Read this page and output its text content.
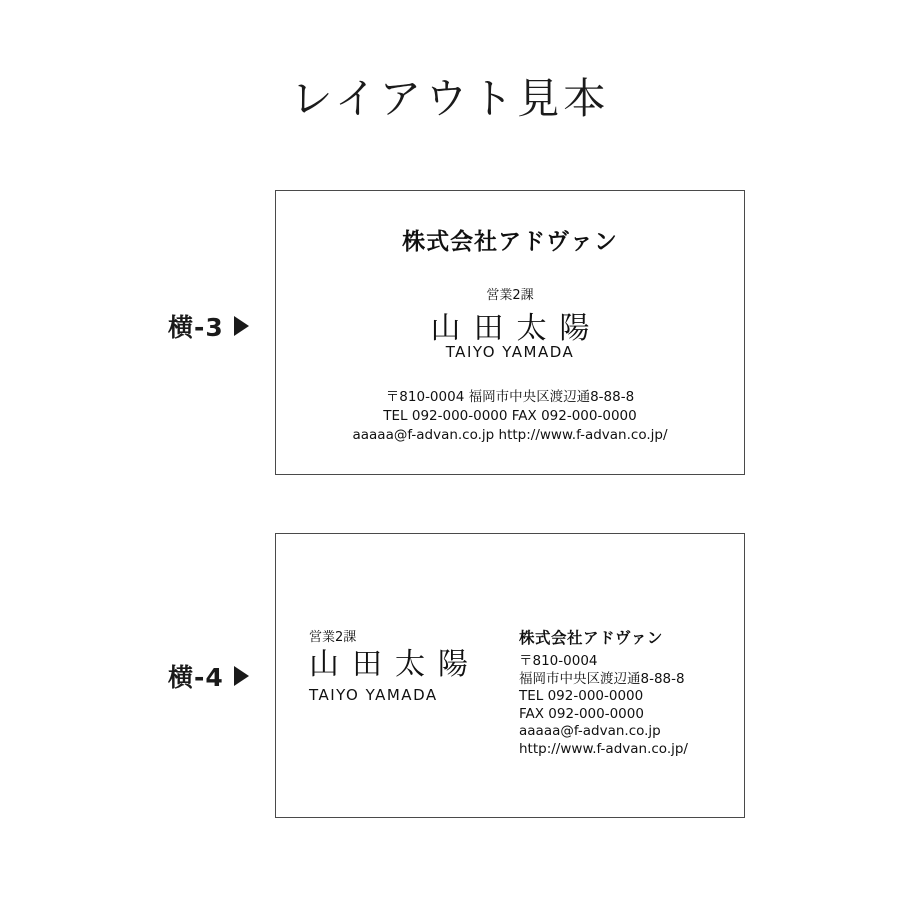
レイアウト見本
横-3
株式会社アドヴァン
営業2課
山田太陽
TAIYO YAMADA
〒810-0004 福岡市中央区渡辺通8-88-8
TEL 092-000-0000 FAX 092-000-0000
aaaaa@f-advan.co.jp http://www.f-advan.co.jp/
横-4
営業2課
山田太陽
TAIYO YAMADA
株式会社アドヴァン
〒810-0004
福岡市中央区渡辺通8-88-8
TEL 092-000-0000
FAX 092-000-0000
aaaaa@f-advan.co.jp
http://www.f-advan.co.jp/
